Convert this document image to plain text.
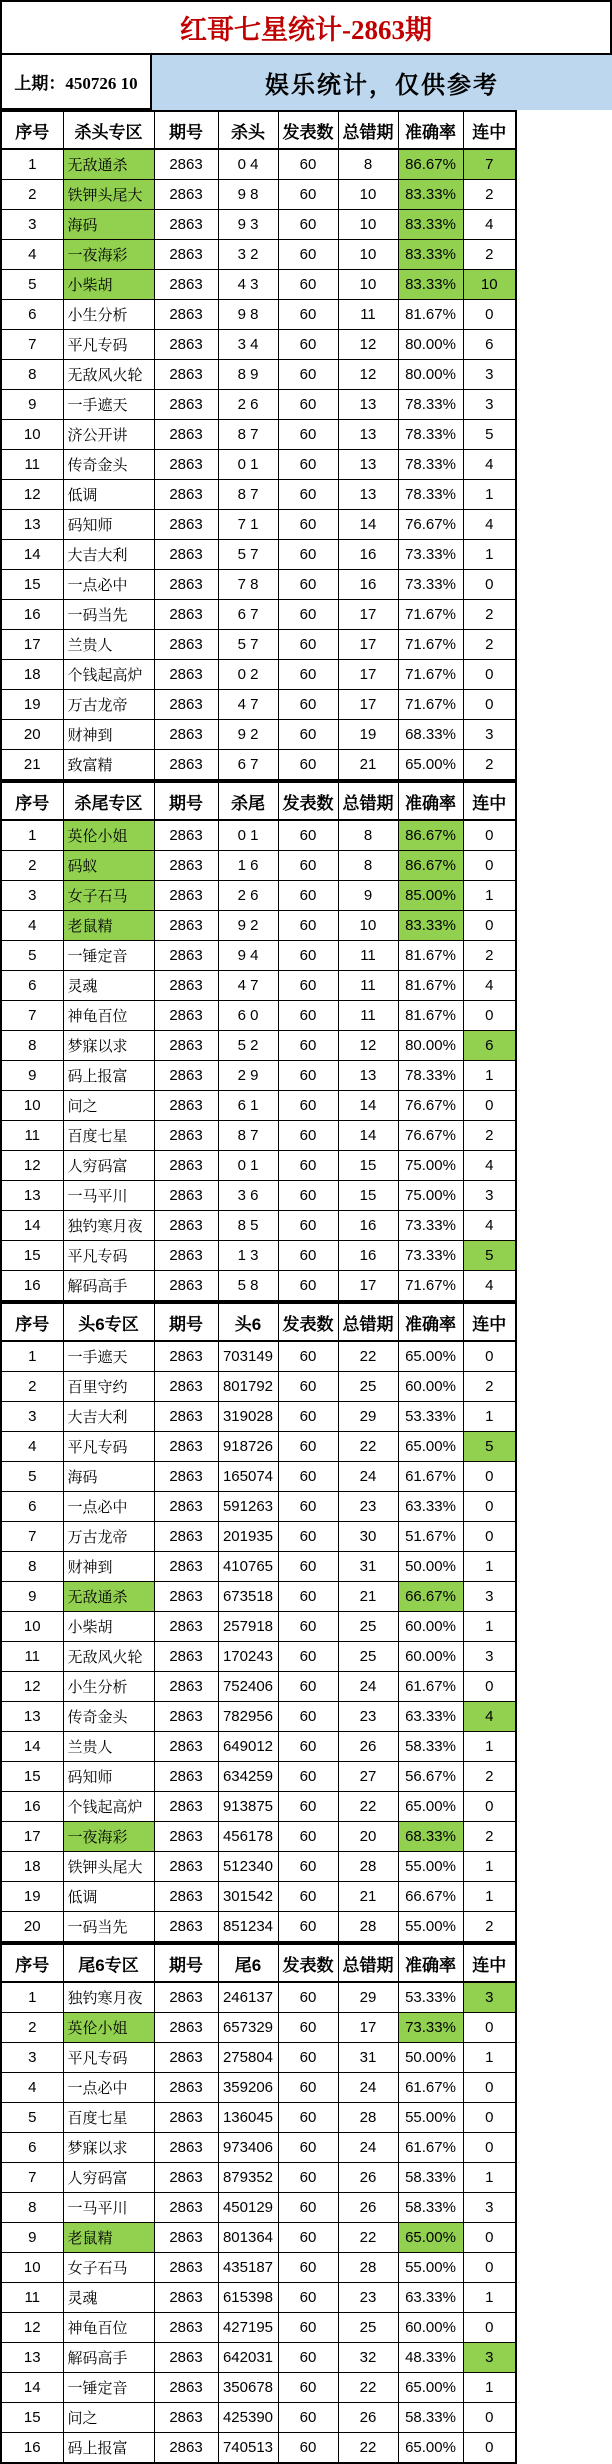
红哥七星统计-2863期
上期：450726 10	娱乐统计，仅供参考
序号	杀头专区	期号	杀头	发表数	总错期	准确率	连中
1	无敌通杀	2863	0 4	60	8	86.67%	7
2	铁钾头尾大	2863	9 8	60	10	83.33%	2
3	海码	2863	9 3	60	10	83.33%	4
4	一夜海彩	2863	3 2	60	10	83.33%	2
5	小柴胡	2863	4 3	60	10	83.33%	10
6	小生分析	2863	9 8	60	11	81.67%	0
7	平凡专码	2863	3 4	60	12	80.00%	6
8	无敌风火轮	2863	8 9	60	12	80.00%	3
9	一手遮天	2863	2 6	60	13	78.33%	3
10	济公开讲	2863	8 7	60	13	78.33%	5
11	传奇金头	2863	0 1	60	13	78.33%	4
12	低调	2863	8 7	60	13	78.33%	1
13	码知师	2863	7 1	60	14	76.67%	4
14	大吉大利	2863	5 7	60	16	73.33%	1
15	一点必中	2863	7 8	60	16	73.33%	0
16	一码当先	2863	6 7	60	17	71.67%	2
17	兰贵人	2863	5 7	60	17	71.67%	2
18	个钱起高炉	2863	0 2	60	17	71.67%	0
19	万古龙帝	2863	4 7	60	17	71.67%	0
20	财神到	2863	9 2	60	19	68.33%	3
21	致富精	2863	6 7	60	21	65.00%	2
序号	杀尾专区	期号	杀尾	发表数	总错期	准确率	连中
1	英伦小姐	2863	0 1	60	8	86.67%	0
2	码蚁	2863	1 6	60	8	86.67%	0
3	女子石马	2863	2 6	60	9	85.00%	1
4	老鼠精	2863	9 2	60	10	83.33%	0
5	一锤定音	2863	9 4	60	11	81.67%	2
6	灵魂	2863	4 7	60	11	81.67%	4
7	神龟百位	2863	6 0	60	11	81.67%	0
8	梦寐以求	2863	5 2	60	12	80.00%	6
9	码上报富	2863	2 9	60	13	78.33%	1
10	问之	2863	6 1	60	14	76.67%	0
11	百度七星	2863	8 7	60	14	76.67%	2
12	人穷码富	2863	0 1	60	15	75.00%	4
13	一马平川	2863	3 6	60	15	75.00%	3
14	独钓寒月夜	2863	8 5	60	16	73.33%	4
15	平凡专码	2863	1 3	60	16	73.33%	5
16	解码高手	2863	5 8	60	17	71.67%	4
序号	头6专区	期号	头6	发表数	总错期	准确率	连中
1	一手遮天	2863	703149	60	22	65.00%	0
2	百里守约	2863	801792	60	25	60.00%	2
3	大吉大利	2863	319028	60	29	53.33%	1
4	平凡专码	2863	918726	60	22	65.00%	5
5	海码	2863	165074	60	24	61.67%	0
6	一点必中	2863	591263	60	23	63.33%	0
7	万古龙帝	2863	201935	60	30	51.67%	0
8	财神到	2863	410765	60	31	50.00%	1
9	无敌通杀	2863	673518	60	21	66.67%	3
10	小柴胡	2863	257918	60	25	60.00%	1
11	无敌风火轮	2863	170243	60	25	60.00%	3
12	小生分析	2863	752406	60	24	61.67%	0
13	传奇金头	2863	782956	60	23	63.33%	4
14	兰贵人	2863	649012	60	26	58.33%	1
15	码知师	2863	634259	60	27	56.67%	2
16	个钱起高炉	2863	913875	60	22	65.00%	0
17	一夜海彩	2863	456178	60	20	68.33%	2
18	铁钾头尾大	2863	512340	60	28	55.00%	1
19	低调	2863	301542	60	21	66.67%	1
20	一码当先	2863	851234	60	28	55.00%	2
序号	尾6专区	期号	尾6	发表数	总错期	准确率	连中
1	独钓寒月夜	2863	246137	60	29	53.33%	3
2	英伦小姐	2863	657329	60	17	73.33%	0
3	平凡专码	2863	275804	60	31	50.00%	1
4	一点必中	2863	359206	60	24	61.67%	0
5	百度七星	2863	136045	60	28	55.00%	0
6	梦寐以求	2863	973406	60	24	61.67%	0
7	人穷码富	2863	879352	60	26	58.33%	1
8	一马平川	2863	450129	60	26	58.33%	3
9	老鼠精	2863	801364	60	22	65.00%	0
10	女子石马	2863	435187	60	28	55.00%	0
11	灵魂	2863	615398	60	23	63.33%	1
12	神龟百位	2863	427195	60	25	60.00%	0
13	解码高手	2863	642031	60	32	48.33%	3
14	一锤定音	2863	350678	60	22	65.00%	1
15	问之	2863	425390	60	26	58.33%	0
16	码上报富	2863	740513	60	22	65.00%	0
